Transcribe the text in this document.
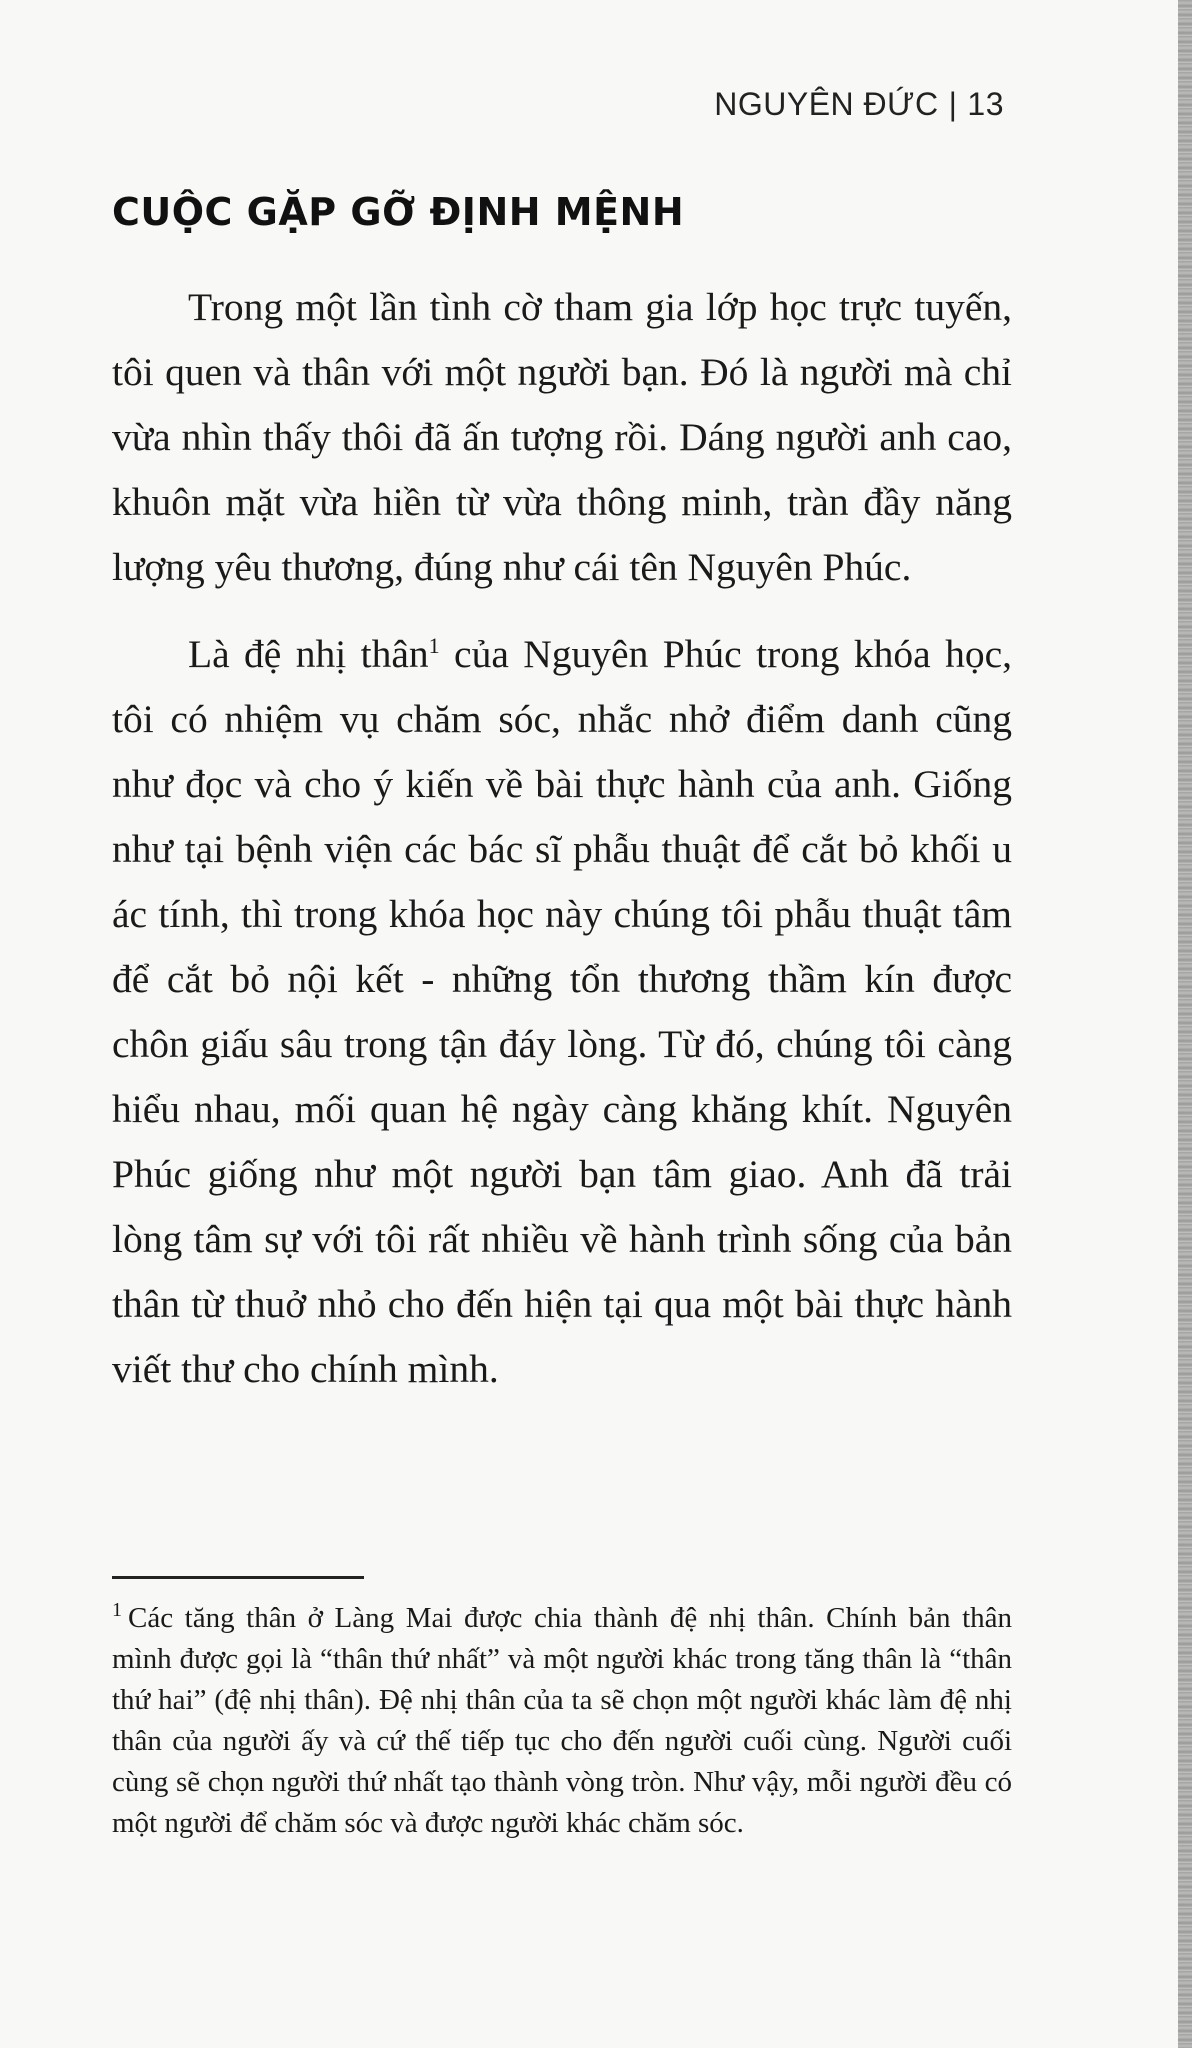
NGUYÊN ĐỨC | 13
CUỘC GẶP GỠ ĐỊNH MỆNH

Trong một lần tình cờ tham gia lớp học trực tuyến, tôi quen và thân với một người bạn. Đó là người mà chỉ vừa nhìn thấy thôi đã ấn tượng rồi. Dáng người anh cao, khuôn mặt vừa hiền từ vừa thông minh, tràn đầy năng lượng yêu thương, đúng như cái tên Nguyên Phúc.

Là đệ nhị thân$^1$ của Nguyên Phúc trong khóa học, tôi có nhiệm vụ chăm sóc, nhắc nhở điểm danh cũng như đọc và cho ý kiến về bài thực hành của anh. Giống như tại bệnh viện các bác sĩ phẫu thuật để cắt bỏ khối u ác tính, thì trong khóa học này chúng tôi phẫu thuật tâm để cắt bỏ nội kết - những tổn thương thầm kín được chôn giấu sâu trong tận đáy lòng. Từ đó, chúng tôi càng hiểu nhau, mối quan hệ ngày càng khăng khít. Nguyên Phúc giống như một người bạn tâm giao. Anh đã trải lòng tâm sự với tôi rất nhiều về hành trình sống của bản thân từ thuở nhỏ cho đến hiện tại qua một bài thực hành viết thư cho chính mình.

$^1$ Các tăng thân ở Làng Mai được chia thành đệ nhị thân. Chính bản thân mình được gọi là “thân thứ nhất” và một người khác trong tăng thân là “thân thứ hai” (đệ nhị thân). Đệ nhị thân của ta sẽ chọn một người khác làm đệ nhị thân của người ấy và cứ thế tiếp tục cho đến người cuối cùng. Người cuối cùng sẽ chọn người thứ nhất tạo thành vòng tròn. Như vậy, mỗi người đều có một người để chăm sóc và được người khác chăm sóc.
